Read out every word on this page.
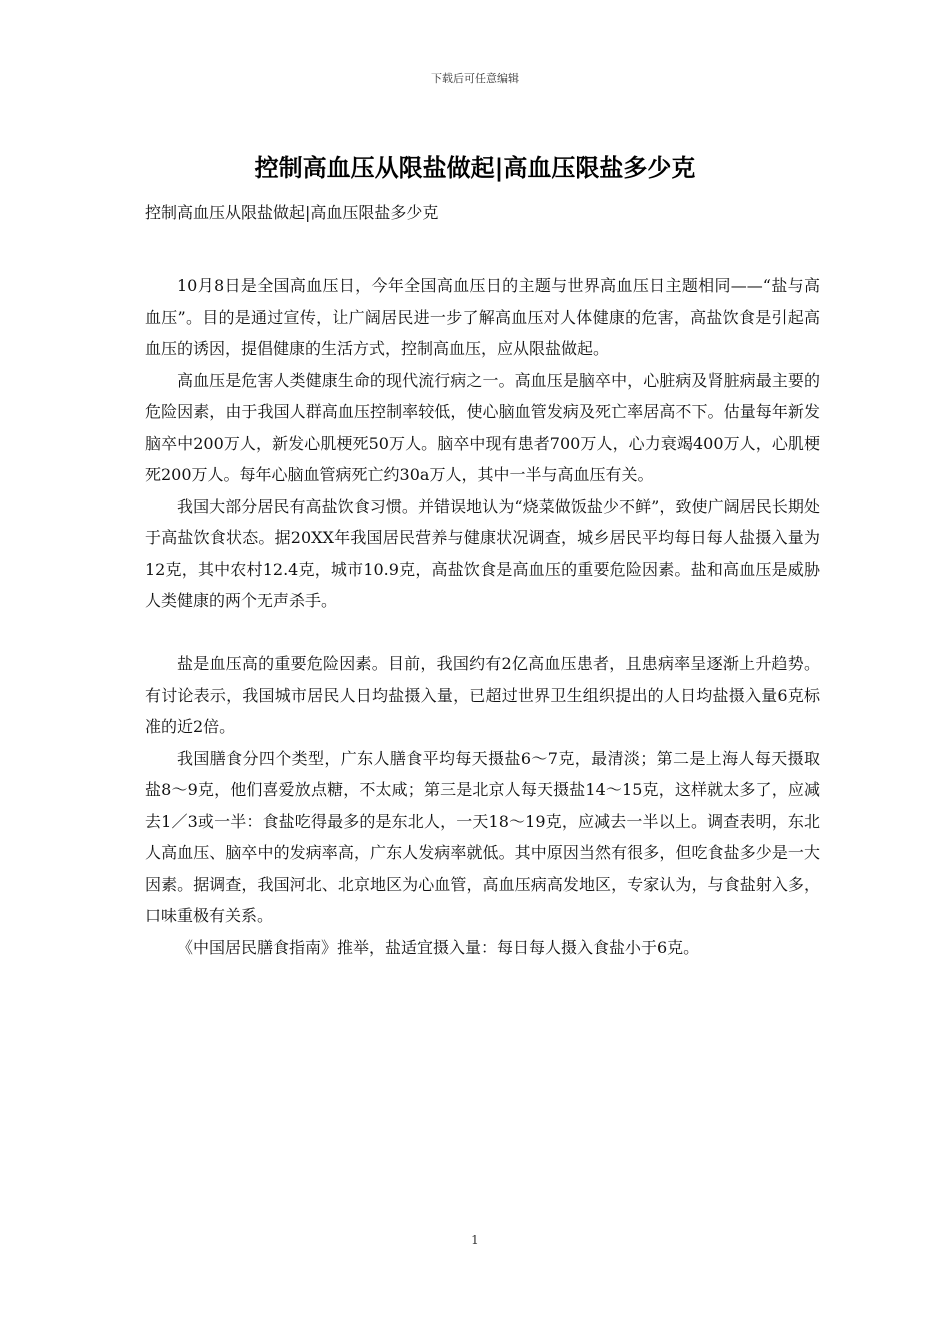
下载后可任意编辑
控制高血压从限盐做起|高血压限盐多少克
控制高血压从限盐做起|高血压限盐多少克

10月8日是全国高血压日，今年全国高血压日的主题与世界高血压日主题相同——“盐与高血压”。目的是通过宣传，让广阔居民进一步了解高血压对人体健康的危害，高盐饮食是引起高血压的诱因，提倡健康的生活方式，控制高血压，应从限盐做起。

高血压是危害人类健康生命的现代流行病之一。高血压是脑卒中，心脏病及肾脏病最主要的危险因素，由于我国人群高血压控制率较低，使心脑血管发病及死亡率居高不下。估量每年新发脑卒中200万人，新发心肌梗死50万人。脑卒中现有患者700万人，心力衰竭400万人，心肌梗死200万人。每年心脑血管病死亡约30a万人，其中一半与高血压有关。

我国大部分居民有高盐饮食习惯。并错误地认为“烧菜做饭盐少不鲜”，致使广阔居民长期处于高盐饮食状态。据20XX年我国居民营养与健康状况调查，城乡居民平均每日每人盐摄入量为12克，其中农村12.4克，城市10.9克，高盐饮食是高血压的重要危险因素。盐和高血压是威胁人类健康的两个无声杀手。

盐是血压高的重要危险因素。目前，我国约有2亿高血压患者，且患病率呈逐渐上升趋势。有讨论表示，我国城市居民人日均盐摄入量，已超过世界卫生组织提出的人日均盐摄入量6克标准的近2倍。

我国膳食分四个类型，广东人膳食平均每天摄盐6～7克，最清淡；第二是上海人每天摄取盐8～9克，他们喜爱放点糖，不太咸；第三是北京人每天摄盐14～15克，这样就太多了，应减去1／3或一半：食盐吃得最多的是东北人，一天18～19克，应减去一半以上。调查表明，东北人高血压、脑卒中的发病率高，广东人发病率就低。其中原因当然有很多，但吃食盐多少是一大因素。据调查，我国河北、北京地区为心血管，高血压病高发地区，专家认为，与食盐射入多，口味重极有关系。

《中国居民膳食指南》推举，盐适宜摄入量：每日每人摄入食盐小于6克。

1
